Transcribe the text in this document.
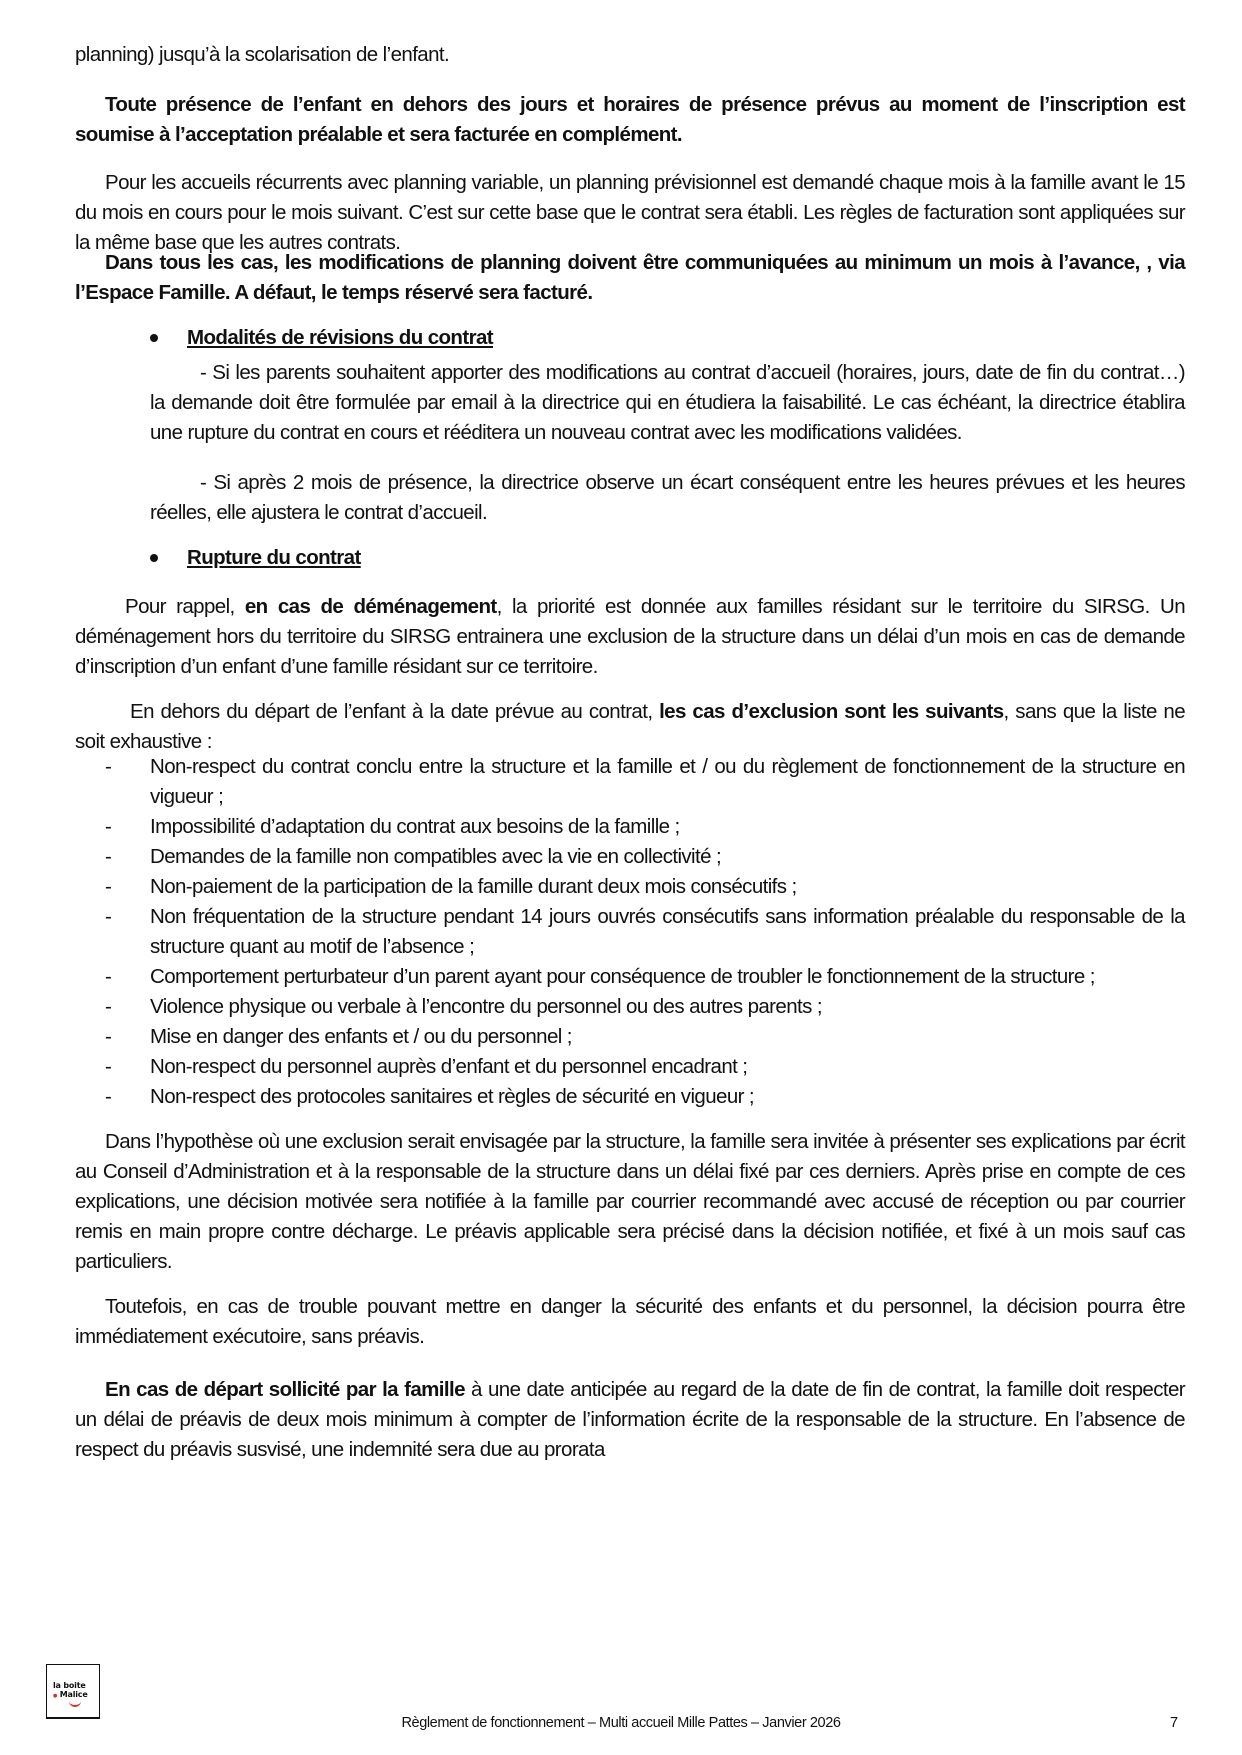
planning) jusqu’à la scolarisation de l’enfant.
Toute présence de l’enfant en dehors des jours et horaires de présence prévus au moment de l’inscription est soumise à l’acceptation préalable et sera facturée en complément.
Pour les accueils récurrents avec planning variable, un planning prévisionnel est demandé chaque mois à la famille avant le 15 du mois en cours pour le mois suivant. C’est sur cette base que le contrat sera établi. Les règles de facturation sont appliquées sur la même base que les autres contrats.
Dans tous les cas, les modifications de planning doivent être communiquées au minimum un mois à l’avance, , via l’Espace Famille. A défaut, le temps réservé sera facturé.
Modalités de révisions du contrat
- Si les parents souhaitent apporter des modifications au contrat d’accueil (horaires, jours, date de fin du contrat…) la demande doit être formulée par email à la directrice qui en étudiera la faisabilité. Le cas échéant, la directrice établira une rupture du contrat en cours et rééditera un nouveau contrat avec les modifications validées.
- Si après 2 mois de présence, la directrice observe un écart conséquent entre les heures prévues et les heures réelles, elle ajustera le contrat d’accueil.
Rupture du contrat
Pour rappel, en cas de déménagement, la priorité est donnée aux familles résidant sur le territoire du SIRSG. Un déménagement hors du territoire du SIRSG entrainera une exclusion de la structure dans un délai d’un mois en cas de demande d’inscription d’un enfant d’une famille résidant sur ce territoire.
En dehors du départ de l’enfant à la date prévue au contrat, les cas d’exclusion sont les suivants, sans que la liste ne soit exhaustive :
- Non-respect du contrat conclu entre la structure et la famille et / ou du règlement de fonctionnement de la structure en vigueur ;
- Impossibilité d’adaptation du contrat aux besoins de la famille ;
- Demandes de la famille non compatibles avec la vie en collectivité ;
- Non-paiement de la participation de la famille durant deux mois consécutifs ;
- Non fréquentation de la structure pendant 14 jours ouvrés consécutifs sans information préalable du responsable de la structure quant au motif de l’absence ;
- Comportement perturbateur d’un parent ayant pour conséquence de troubler le fonctionnement de la structure ;
- Violence physique ou verbale à l’encontre du personnel ou des autres parents ;
- Mise en danger des enfants et / ou du personnel ;
- Non-respect du personnel auprès d’enfant et du personnel encadrant ;
- Non-respect des protocoles sanitaires et règles de sécurité en vigueur ;
Dans l’hypothèse où une exclusion serait envisagée par la structure, la famille sera invitée à présenter ses explications par écrit au Conseil d’Administration et à la responsable de la structure dans un délai fixé par ces derniers. Après prise en compte de ces explications, une décision motivée sera notifiée à la famille par courrier recommandé avec accusé de réception ou par courrier remis en main propre contre décharge. Le préavis applicable sera précisé dans la décision notifiée, et fixé à un mois sauf cas particuliers.
Toutefois, en cas de trouble pouvant mettre en danger la sécurité des enfants et du personnel, la décision pourra être immédiatement exécutoire, sans préavis.
En cas de départ sollicité par la famille à une date anticipée au regard de la date de fin de contrat, la famille doit respecter un délai de préavis de deux mois minimum à compter de l’information écrite de la responsable de la structure. En l’absence de respect du préavis susvisé, une indemnité sera due au prorata
la boite
● Malice
Règlement de fonctionnement – Multi accueil Mille Pattes – Janvier 2026	7
